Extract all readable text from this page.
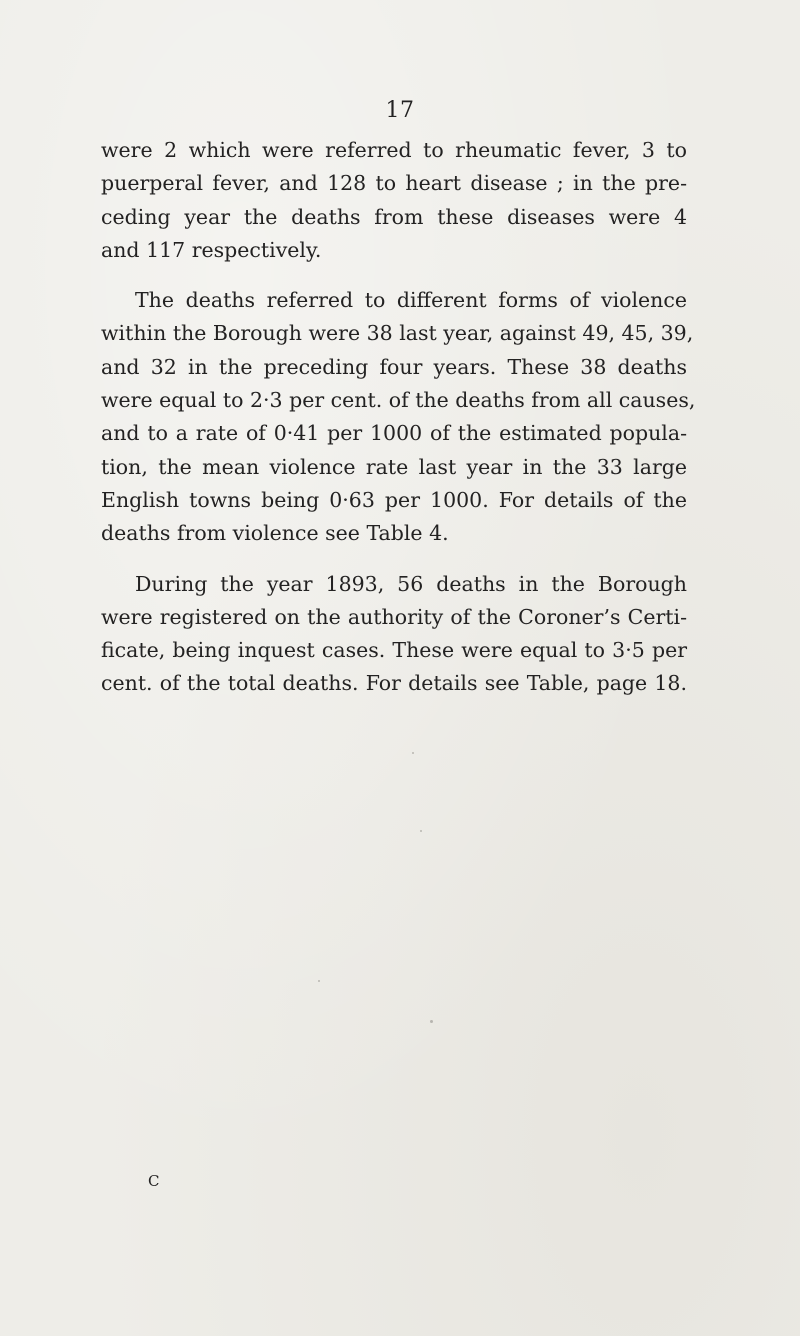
17
were 2 which were referred to rheumatic fever, 3 to
puerperal fever, and 128 to heart disease ; in the pre-
ceding year the deaths from these diseases were 4
and 117 respectively.
The deaths referred to different forms of violence
within the Borough were 38 last year, against 49, 45, 39,
and 32 in the preceding four years. These 38 deaths
were equal to 2·3 per cent. of the deaths from all causes,
and to a rate of 0·41 per 1000 of the estimated popula-
tion, the mean violence rate last year in the 33 large
English towns being 0·63 per 1000. For details of the
deaths from violence see Table 4.
During the year 1893, 56 deaths in the Borough
were registered on the authority of the Coroner’s Certi-
ficate, being inquest cases. These were equal to 3·5 per
cent. of the total deaths. For details see Table, page 18.
C
